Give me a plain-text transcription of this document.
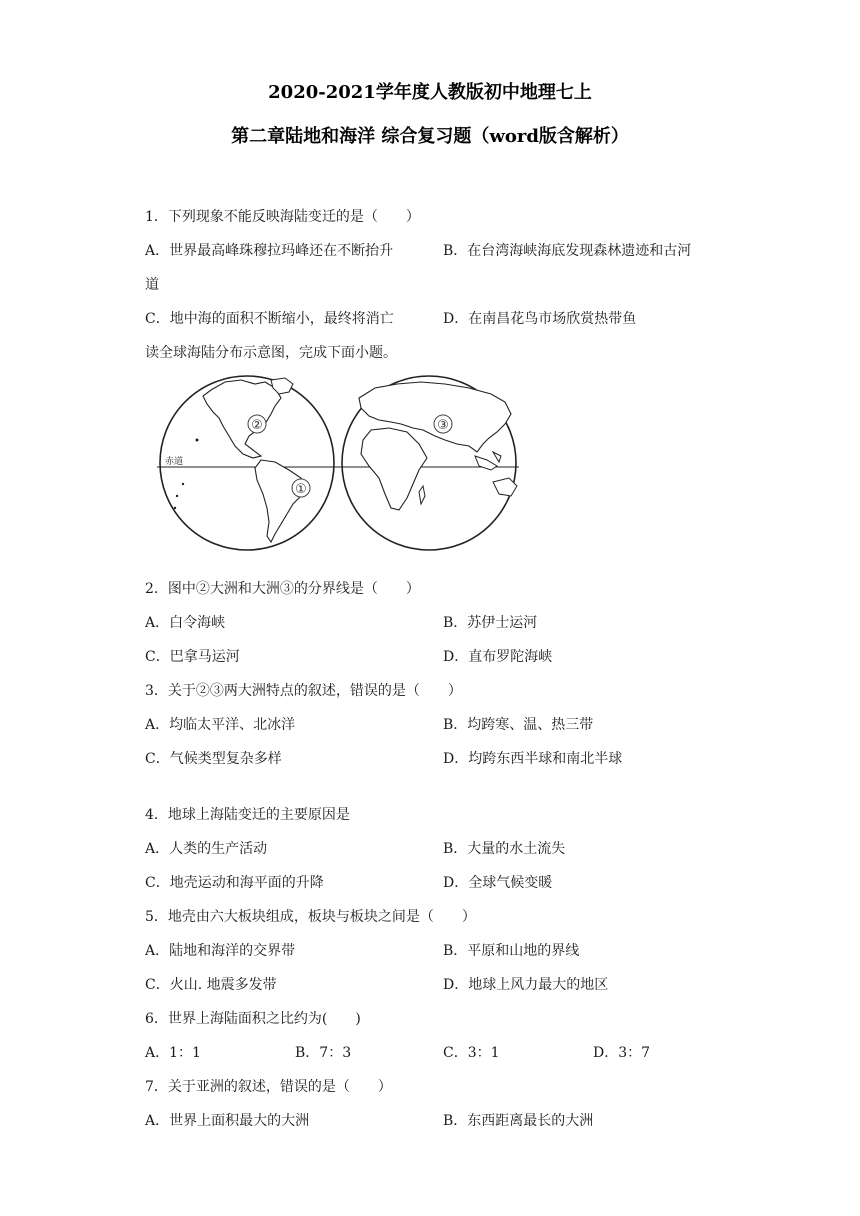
2020-2021学年度人教版初中地理七上
第二章陆地和海洋 综合复习题（word版含解析）
1．下列现象不能反映海陆变迁的是（　　）
A．世界最高峰珠穆拉玛峰还在不断抬升	B．在台湾海峡海底发现森林遗迹和古河
道
C．地中海的面积不断缩小，最终将消亡	D．在南昌花鸟市场欣赏热带鱼
读全球海陆分布示意图，完成下面小题。
①
②	③
赤道
2．图中②大洲和大洲③的分界线是（　　）
A．白令海峡	B．苏伊士运河
C．巴拿马运河	D．直布罗陀海峡
3．关于②③两大洲特点的叙述，错误的是（　　）
A．均临太平洋、北冰洋	B．均跨寒、温、热三带
C．气候类型复杂多样	D．均跨东西半球和南北半球
4．地球上海陆变迁的主要原因是
A．人类的生产活动	B．大量的水土流失
C．地壳运动和海平面的升降	D．全球气候变暖
5．地壳由六大板块组成，板块与板块之间是（　　）
A．陆地和海洋的交界带	B．平原和山地的界线
C．火山. 地震多发带	D．地球上风力最大的地区
6．世界上海陆面积之比约为(　　)
A．1：1	B．7：3	C．3：1	D．3：7
7．关于亚洲的叙述，错误的是（　　）
A．世界上面积最大的大洲	B．东西距离最长的大洲
